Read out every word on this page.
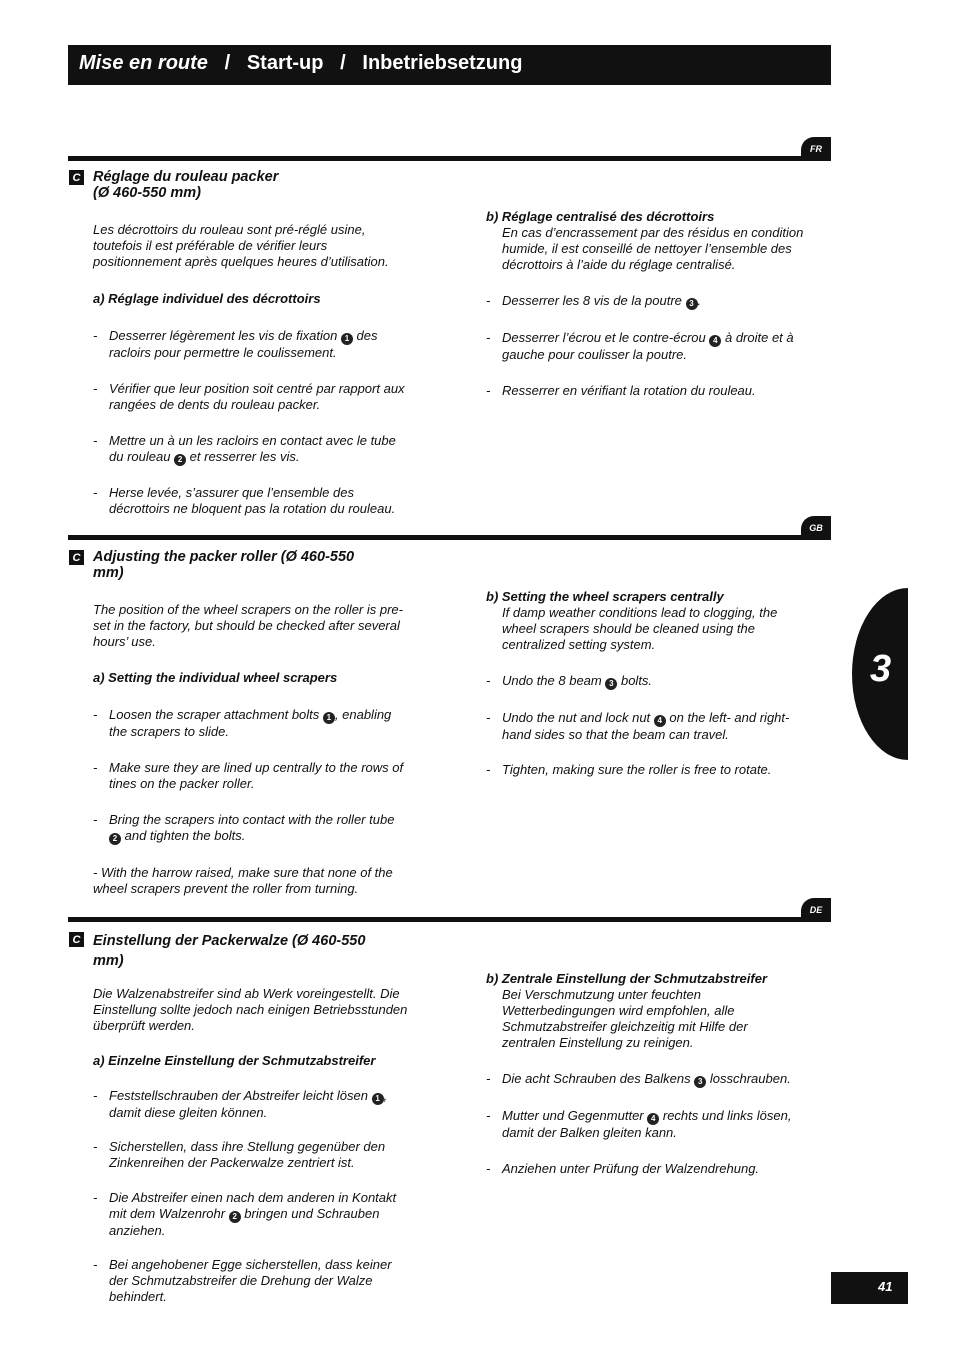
Mise en route / Start-up / Inbetriebsetzung
FR
C Réglage du rouleau packer
(Ø 460-550 mm)
Les décrottoirs du rouleau sont pré-réglé usine,
toutefois il est préférable de vérifier leurs
positionnement après quelques heures d’utilisation.
a) Réglage individuel des décrottoirs
- Desserrer légèrement les vis de fixation 1 des
racloirs pour permettre le coulissement.
- Vérifier que leur position soit centré par rapport aux
rangées de dents du rouleau packer.
- Mettre un à un les racloirs en contact avec le tube
du rouleau 2 et resserrer les vis.
- Herse levée, s’assurer que l’ensemble des
décrottoirs ne bloquent pas la rotation du rouleau.
b) Réglage centralisé des décrottoirs
En cas d’encrassement par des résidus en condition
humide, il est conseillé de nettoyer l’ensemble des
décrottoirs à l’aide du réglage centralisé.
- Desserrer les 8 vis de la poutre 3 .
- Desserrer l’écrou et le contre-écrou 4 à droite et à
gauche pour coulisser la poutre.
- Resserrer en vérifiant la rotation du rouleau.
GB
C Adjusting the packer roller (Ø 460-550
mm)
The position of the wheel scrapers on the roller is pre-
set in the factory, but should be checked after several
hours’ use.
a) Setting the individual wheel scrapers
- Loosen the scraper attachment bolts 1 , enabling
the scrapers to slide.
- Make sure they are lined up centrally to the rows of
tines on the packer roller.
- Bring the scrapers into contact with the roller tube
2 and tighten the bolts.
- With the harrow raised, make sure that none of the
wheel scrapers prevent the roller from turning.
b) Setting the wheel scrapers centrally
If damp weather conditions lead to clogging, the
wheel scrapers should be cleaned using the
centralized setting system.
- Undo the 8 beam 3 bolts.
- Undo the nut and lock nut 4 on the left- and right-
hand sides so that the beam can travel.
- Tighten, making sure the roller is free to rotate.
DE
C Einstellung der Packerwalze (Ø 460-550
mm)
Die Walzenabstreifer sind ab Werk voreingestellt. Die
Einstellung sollte jedoch nach einigen Betriebsstunden
überprüft werden.
a) Einzelne Einstellung der Schmutzabstreifer
- Feststellschrauben der Abstreifer leicht lösen 1 ,
damit diese gleiten können.
- Sicherstellen, dass ihre Stellung gegenüber den
Zinkenreihen der Packerwalze zentriert ist.
- Die Abstreifer einen nach dem anderen in Kontakt
mit dem Walzenrohr 2 bringen und Schrauben
anziehen.
- Bei angehobener Egge sicherstellen, dass keiner
der Schmutzabstreifer die Drehung der Walze
behindert.
b) Zentrale Einstellung der Schmutzabstreifer
Bei Verschmutzung unter feuchten
Wetterbedingungen wird empfohlen, alle
Schmutzabstreifer gleichzeitig mit Hilfe der
zentralen Einstellung zu reinigen.
- Die acht Schrauben des Balkens 3 losschrauben.
- Mutter und Gegenmutter 4 rechts und links lösen,
damit der Balken gleiten kann.
- Anziehen unter Prüfung der Walzendrehung.
3
41
